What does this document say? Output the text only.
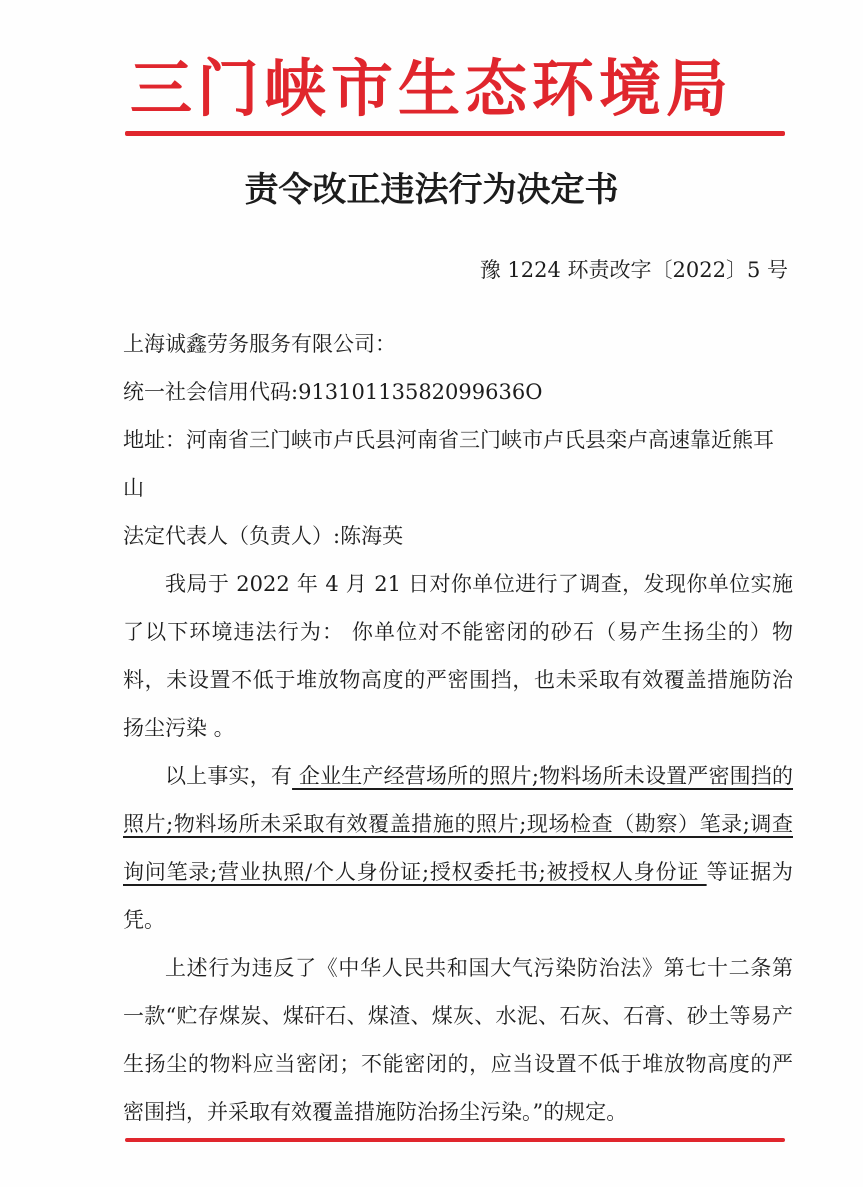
三门峡市生态环境局
责令改正违法行为决定书
豫 1224 环责改字〔2022〕5 号

上海诚鑫劳务服务有限公司：

统一社会信用代码:91310113582099636O

地址：河南省三门峡市卢氏县河南省三门峡市卢氏县栾卢高速靠近熊耳山

法定代表人（负责人）:陈海英

我局于 2022 年 4 月 21 日对你单位进行了调查，发现你单位实施了以下环境违法行为： 你单位对不能密闭的砂石（易产生扬尘的）物料，未设置不低于堆放物高度的严密围挡，也未采取有效覆盖措施防治扬尘污染 。

以上事实，有 企业生产经营场所的照片;物料场所未设置严密围挡的照片;物料场所未采取有效覆盖措施的照片;现场检查（勘察）笔录;调查询问笔录;营业执照/个人身份证;授权委托书;被授权人身份证 等证据为凭。

上述行为违反了《中华人民共和国大气污染防治法》第七十二条第一款“贮存煤炭、煤矸石、煤渣、煤灰、水泥、石灰、石膏、砂土等易产生扬尘的物料应当密闭；不能密闭的，应当设置不低于堆放物高度的严密围挡，并采取有效覆盖措施防治扬尘污染。”的规定。
